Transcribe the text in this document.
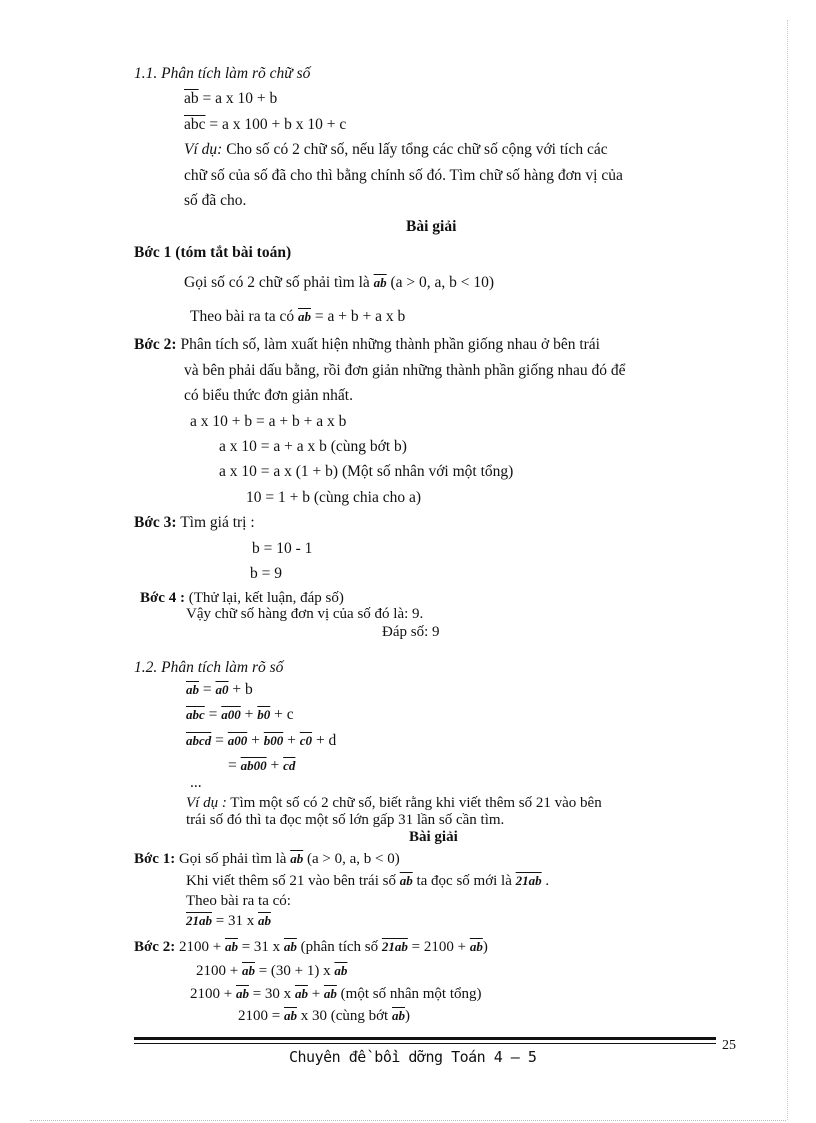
1.1. Phân tích làm rõ chữ số
$\overline{ab} = a$ x 10 + b
$\overline{abc} = a$ x 100 + b x 10 + c
Ví dụ: Cho số có 2 chữ số, nếu lấy tổng các chữ số cộng với tích các
chữ số của số đã cho thì bằng chính số đó. Tìm chữ số hàng đơn vị của
số đã cho.
Bài giải
Bớc 1 (tóm tắt bài toán)
Gọi số có 2 chữ số phải tìm là $\overline{ab}$ (a > 0, a, b < 10)
Theo bài ra ta có $\overline{ab} = a + b + a$ x b
Bớc 2: Phân tích số, làm xuất hiện những thành phần giống nhau ở bên trái
và bên phải dấu bằng, rồi đơn giản những thành phần giống nhau đó để
có biểu thức đơn giản nhất.
a x 10 + b = a + b + a x b
a x 10 = a + a x b (cùng bớt b)
a x 10 = a x (1 + b) (Một số nhân với một tổng)
10 = 1 + b (cùng chia cho a)
Bớc 3: Tìm giá trị :
b = 10 - 1
b = 9
Bớc 4 : (Thử lại, kết luận, đáp số)
Vậy chữ số hàng đơn vị của số đó là: 9.
Đáp số: 9
1.2. Phân tích làm rõ số
$\overline{ab} = a0 + b$
$\overline{abc} = a00 + b0 + c$
abcd = a00 + b00 + c0 + d
= $ab00 + \overline{cd}$
...
Ví dụ : Tìm một số có 2 chữ số, biết rằng khi viết thêm số 21 vào bên
trái số đó thì ta đọc một số lớn gấp 31 lần số cần tìm.
Bài giải
Bớc 1: Gọi số phải tìm là $\overline{ab}$ (a > 0, a, b < 0)
Khi viết thêm số 21 vào bên trái số $\overline{ab}$ ta đọc số mới là 21ab .
Theo bài ra ta có:
21ab = 31 x $\overline{ab}$
Bớc 2: $2100 + \overline{ab} = 31$ x $\overline{ab}$ (phân tích số $21ab = 2100 + \overline{ab}$)
$2100 + \overline{ab} = (30 + 1)$ x $\overline{ab}$
$2100 + \overline{ab} = 30$ x $\overline{ab} + \overline{ab}$ (một số nhân một tổng)
$2100 = \overline{ab}$ x 30 (cùng bớt $\overline{ab}$)
25
Chuyên đề bồi dỡng Toán 4 – 5
